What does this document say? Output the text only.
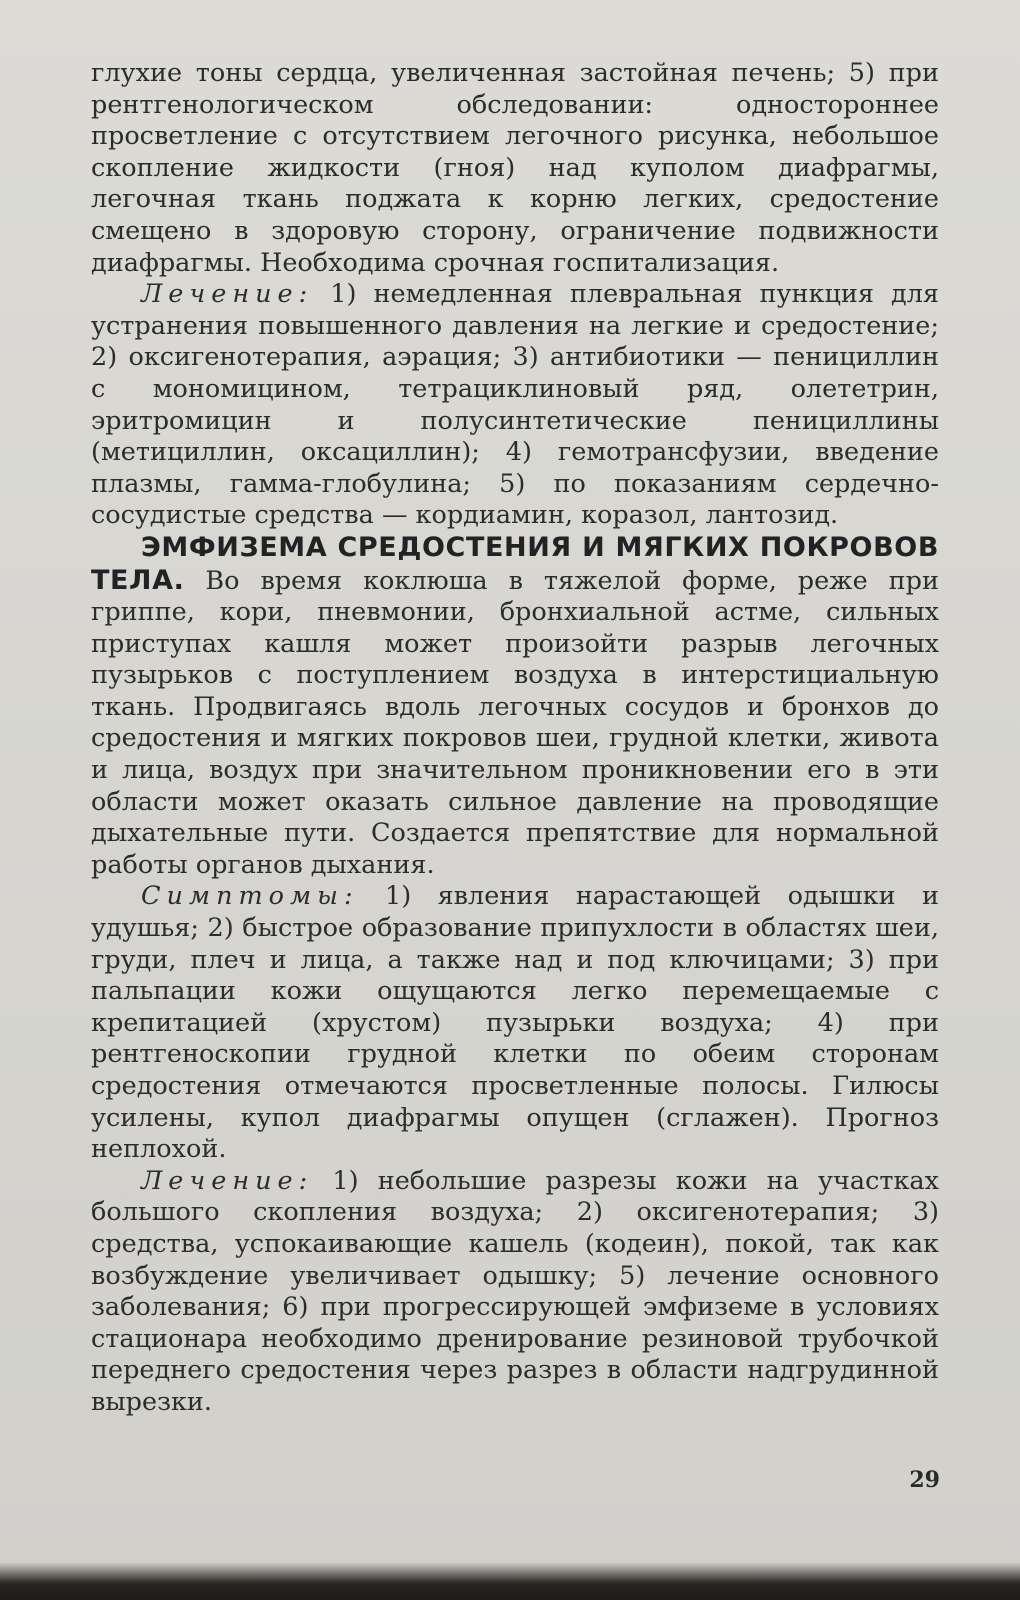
глухие тоны сердца, увеличенная застойная печень; 5) при рентгенологическом обследовании: одностороннее просветление с отсутствием легочного рисунка, небольшое скопление жидкости (гноя) над куполом диафрагмы, легочная ткань поджата к корню легких, средостение смещено в здоровую сторону, ограничение подвижности диафрагмы. Необходима срочная госпитализация.

Лечение: 1) немедленная плевральная пункция для устранения повышенного давления на легкие и средостение; 2) оксигенотерапия, аэрация; 3) антибиотики — пенициллин с мономицином, тетрациклиновый ряд, олететрин, эритромицин и полусинтетические пенициллины (метициллин, оксациллин); 4) гемотрансфузии, введение плазмы, гамма-глобулина; 5) по показаниям сердечно-сосудистые средства — кордиамин, коразол, лантозид.

ЭМФИЗЕМА СРЕДОСТЕНИЯ И МЯГКИХ ПОКРОВОВ ТЕЛА. Во время коклюша в тяжелой форме, реже при гриппе, кори, пневмонии, бронхиальной астме, сильных приступах кашля может произойти разрыв легочных пузырьков с поступлением воздуха в интерстициальную ткань. Продвигаясь вдоль легочных сосудов и бронхов до средостения и мягких покровов шеи, грудной клетки, живота и лица, воздух при значительном проникновении его в эти области может оказать сильное давление на проводящие дыхательные пути. Создается препятствие для нормальной работы органов дыхания.

Симптомы: 1) явления нарастающей одышки и удушья; 2) быстрое образование припухлости в областях шеи, груди, плеч и лица, а также над и под ключицами; 3) при пальпации кожи ощущаются легко перемещаемые с крепитацией (хрустом) пузырьки воздуха; 4) при рентгеноскопии грудной клетки по обеим сторонам средостения отмечаются просветленные полосы. Гилюсы усилены, купол диафрагмы опущен (сглажен). Прогноз неплохой.

Лечение: 1) небольшие разрезы кожи на участках большого скопления воздуха; 2) оксигенотерапия; 3) средства, успокаивающие кашель (кодеин), покой, так как возбуждение увеличивает одышку; 5) лечение основного заболевания; 6) при прогрессирующей эмфиземе в условиях стационара необходимо дренирование резиновой трубочкой переднего средостения через разрез в области надгрудинной вырезки.

29
